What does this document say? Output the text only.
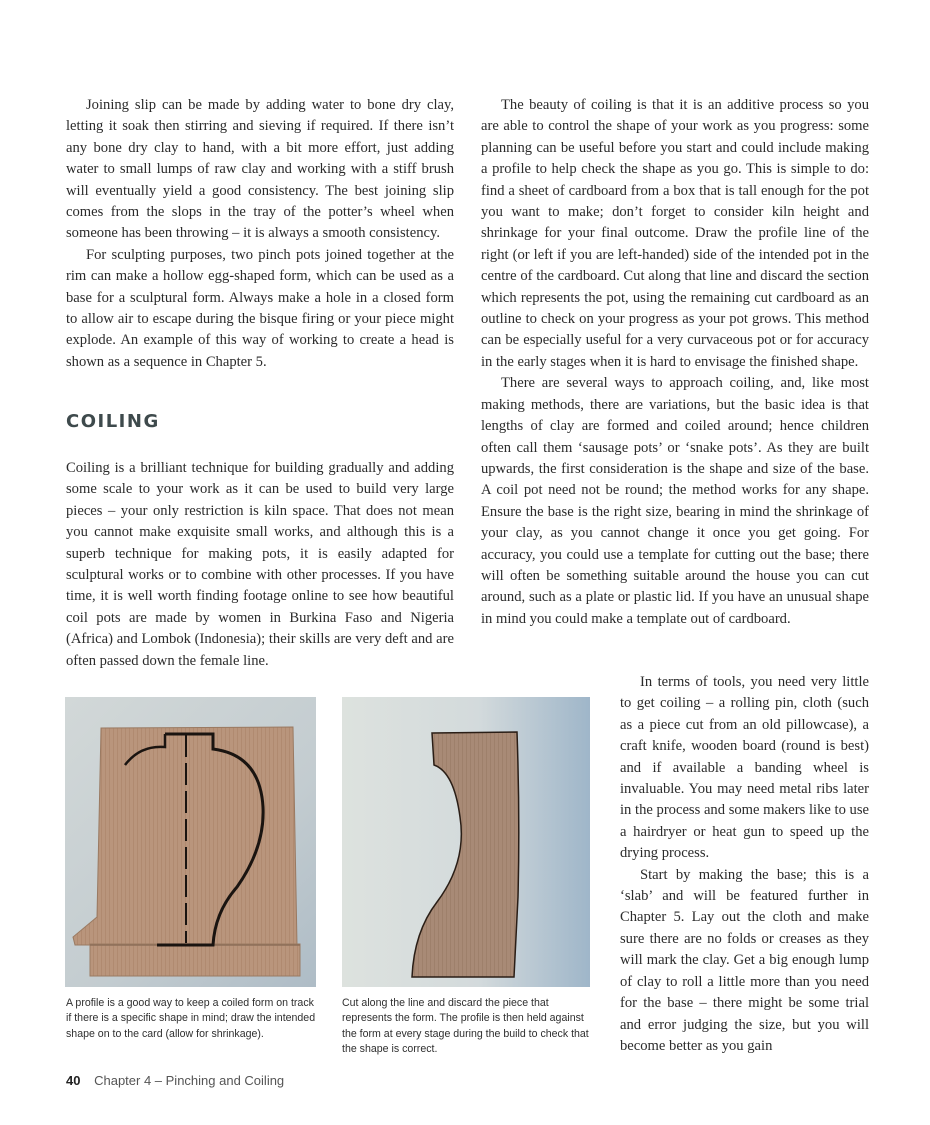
Joining slip can be made by adding water to bone dry clay, letting it soak then stirring and sieving if required. If there isn’t any bone dry clay to hand, with a bit more effort, just adding water to small lumps of raw clay and working with a stiff brush will eventually yield a good consistency. The best joining slip comes from the slops in the tray of the potter’s wheel when someone has been throwing – it is always a smooth consistency.

For sculpting purposes, two pinch pots joined together at the rim can make a hollow egg-shaped form, which can be used as a base for a sculptural form. Always make a hole in a closed form to allow air to escape during the bisque firing or your piece might explode. An example of this way of working to create a head is shown as a sequence in Chapter 5.

COILING

Coiling is a brilliant technique for building gradually and adding some scale to your work as it can be used to build very large pieces – your only restriction is kiln space. That does not mean you cannot make exquisite small works, and although this is a superb technique for making pots, it is easily adapted for sculptural works or to combine with other processes. If you have time, it is well worth finding footage online to see how beautiful coil pots are made by women in Burkina Faso and Nigeria (Africa) and Lombok (Indonesia); their skills are very deft and are often passed down the female line.

The beauty of coiling is that it is an additive process so you are able to control the shape of your work as you progress: some planning can be useful before you start and could include making a profile to help check the shape as you go. This is simple to do: find a sheet of cardboard from a box that is tall enough for the pot you want to make; don’t forget to consider kiln height and shrinkage for your final outcome. Draw the profile line of the right (or left if you are left-handed) side of the intended pot in the centre of the cardboard. Cut along that line and discard the section which represents the pot, using the remaining cut cardboard as an outline to check on your progress as your pot grows. This method can be especially useful for a very curvaceous pot or for accuracy in the early stages when it is hard to envisage the finished shape.

There are several ways to approach coiling, and, like most making methods, there are variations, but the basic idea is that lengths of clay are formed and coiled around; hence children often call them ‘sausage pots’ or ‘snake pots’. As they are built upwards, the first consideration is the shape and size of the base. A coil pot need not be round; the method works for any shape. Ensure the base is the right size, bearing in mind the shrinkage of your clay, as you cannot change it once you get going. For accuracy, you could use a template for cutting out the base; there will often be something suitable around the house you can cut around, such as a plate or plastic lid. If you have an unusual shape in mind you could make a template out of cardboard.

In terms of tools, you need very little to get coiling – a rolling pin, cloth (such as a piece cut from an old pillowcase), a craft knife, wooden board (round is best) and if available a banding wheel is invaluable. You may need metal ribs later in the process and some makers like to use a hairdryer or heat gun to speed up the drying process.

Start by making the base; this is a ‘slab’ and will be featured further in Chapter 5. Lay out the cloth and make sure there are no folds or creases as they will mark the clay. Get a big enough lump of clay to roll a little more than you need for the base – there might be some trial and error judging the size, but you will become better as you gain

A profile is a good way to keep a coiled form on track if there is a specific shape in mind; draw the intended shape on to the card (allow for shrinkage).
Cut along the line and discard the piece that represents the form. The profile is then held against the form at every stage during the build to check that the shape is correct.
40 Chapter 4 – Pinching and Coiling
